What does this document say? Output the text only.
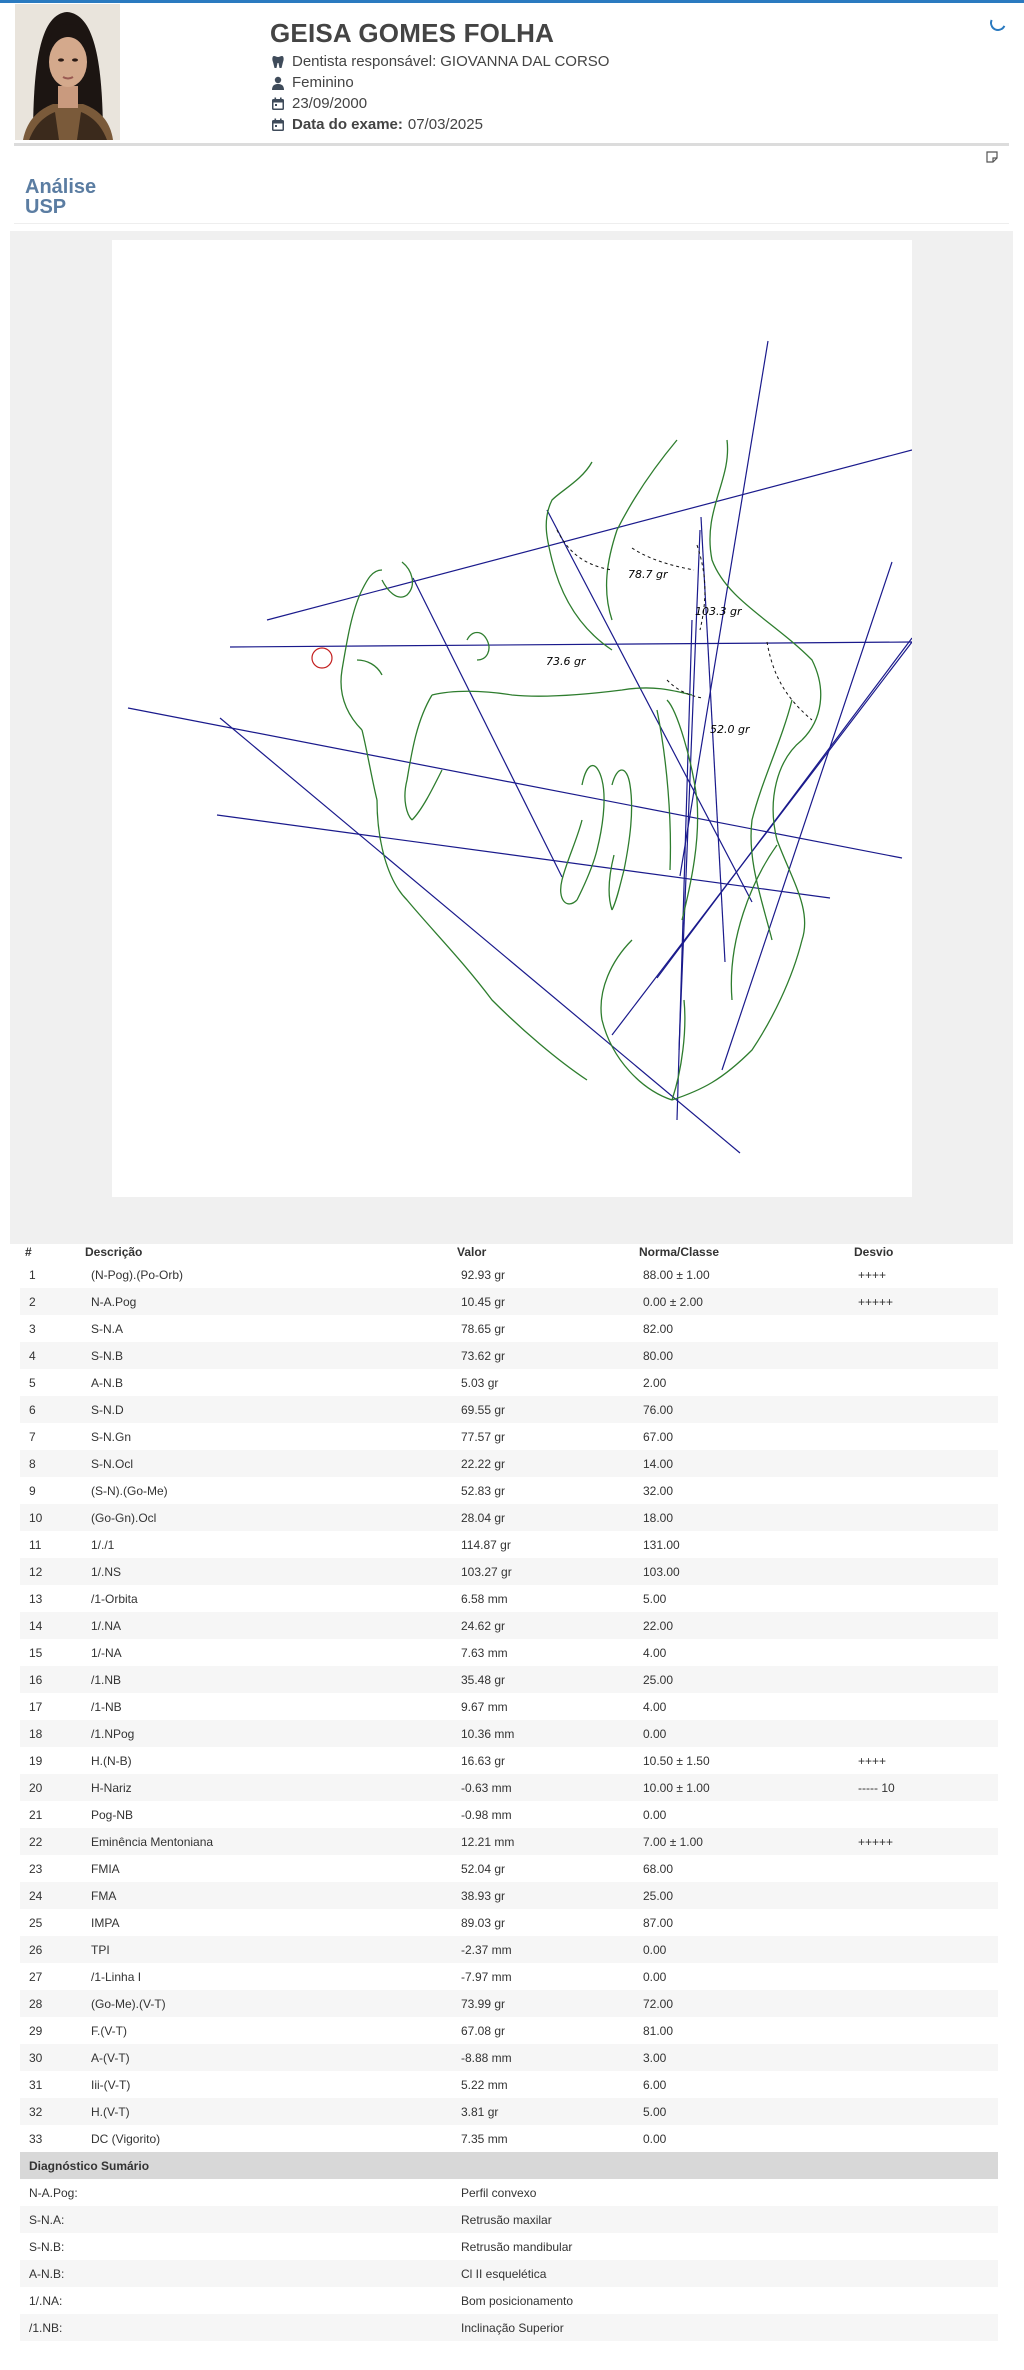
GEISA GOMES FOLHA
Dentista responsável: GIOVANNA DAL CORSO
Feminino
23/09/2000
Data do exame: 07/03/2025
Análise
USP
78.7 gr
103.3 gr
73.6 gr
52.0 gr
#	Descrição	Valor	Norma/Classe	Desvio
1	(N-Pog).(Po-Orb)	92.93 gr	88.00 ± 1.00	++++
2	N-A.Pog	10.45 gr	0.00 ± 2.00	+++++
3	S-N.A	78.65 gr	82.00	
4	S-N.B	73.62 gr	80.00	
5	A-N.B	5.03 gr	2.00	
6	S-N.D	69.55 gr	76.00	
7	S-N.Gn	77.57 gr	67.00	
8	S-N.Ocl	22.22 gr	14.00	
9	(S-N).(Go-Me)	52.83 gr	32.00	
10	(Go-Gn).Ocl	28.04 gr	18.00	
11	1/./1	114.87 gr	131.00	
12	1/.NS	103.27 gr	103.00	
13	/1-Orbita	6.58 mm	5.00	
14	1/.NA	24.62 gr	22.00	
15	1/-NA	7.63 mm	4.00	
16	/1.NB	35.48 gr	25.00	
17	/1-NB	9.67 mm	4.00	
18	/1.NPog	10.36 mm	0.00	
19	H.(N-B)	16.63 gr	10.50 ± 1.50	++++
20	H-Nariz	-0.63 mm	10.00 ± 1.00	----- 10
21	Pog-NB	-0.98 mm	0.00	
22	Eminência Mentoniana	12.21 mm	7.00 ± 1.00	+++++
23	FMIA	52.04 gr	68.00	
24	FMA	38.93 gr	25.00	
25	IMPA	89.03 gr	87.00	
26	TPI	-2.37 mm	0.00	
27	/1-Linha I	-7.97 mm	0.00	
28	(Go-Me).(V-T)	73.99 gr	72.00	
29	F.(V-T)	67.08 gr	81.00	
30	A-(V-T)	-8.88 mm	3.00	
31	Iii-(V-T)	5.22 mm	6.00	
32	H.(V-T)	3.81 gr	5.00	
33	DC (Vigorito)	7.35 mm	0.00	
Diagnóstico Sumário				
N-A.Pog:		Perfil convexo		
S-N.A:		Retrusão maxilar		
S-N.B:		Retrusão mandibular		
A-N.B:		Cl II esquelética		
1/.NA:		Bom posicionamento		
/1.NB:		Inclinação Superior		
